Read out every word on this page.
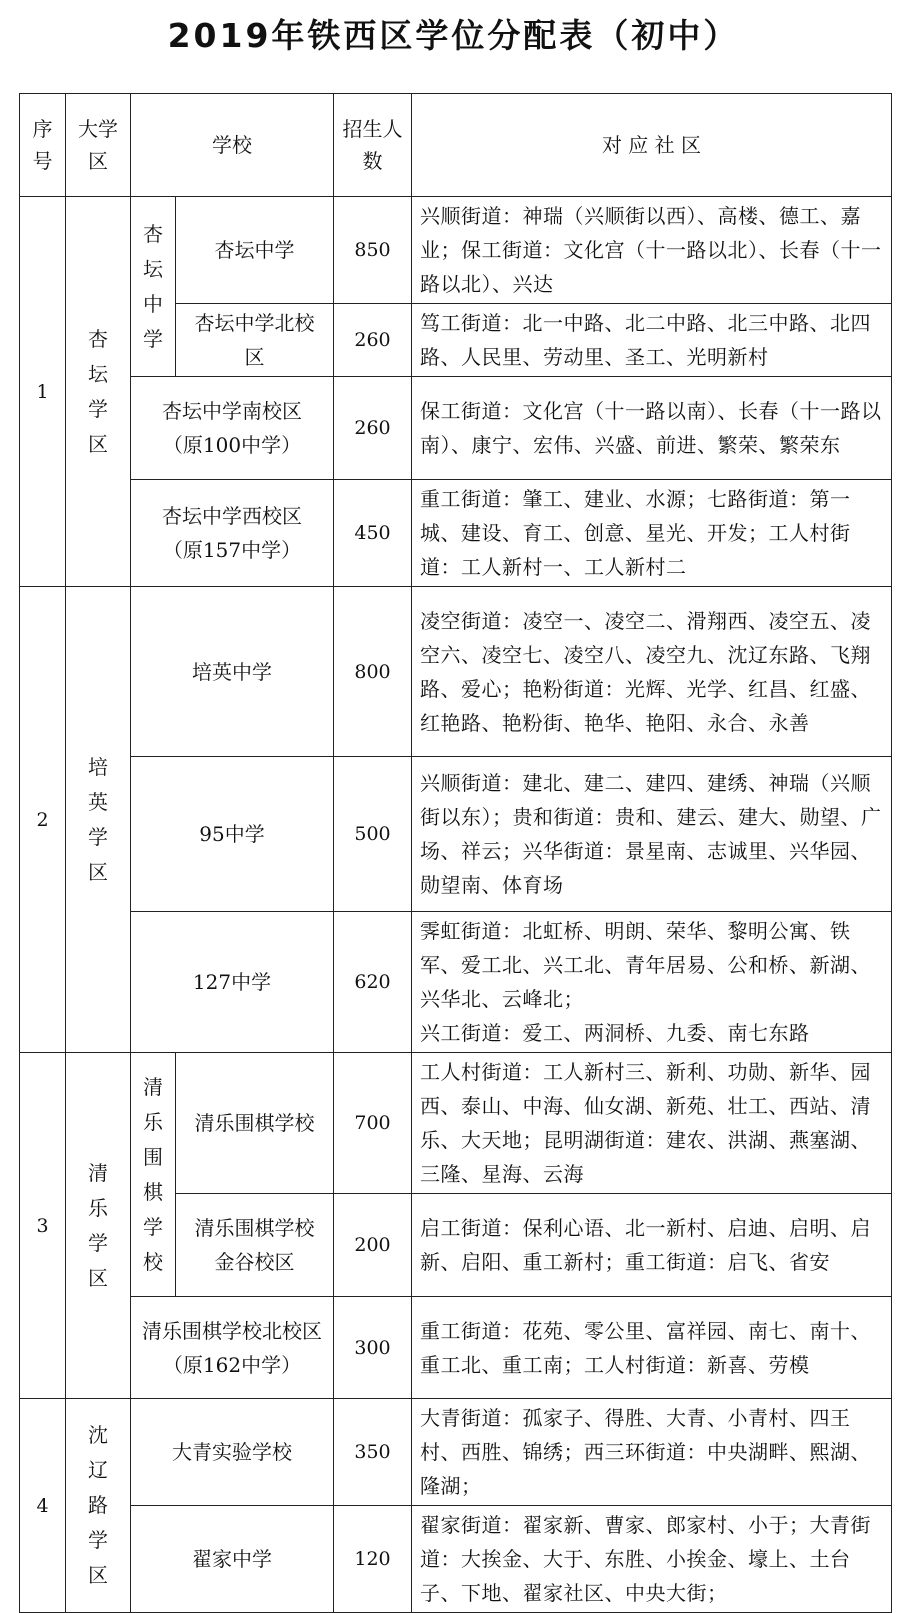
2019年铁西区学位分配表（初中）
序号	大学区	学校		招生人数	对 应 社 区
1	杏坛学区	杏坛中学	杏坛中学	850	兴顺街道：神瑞（兴顺街以西）、高楼、德工、嘉业；保工街道：文化宫（十一路以北）、长春（十一路以北）、兴达
			杏坛中学北校区	260	笃工街道：北一中路、北二中路、北三中路、北四路、人民里、劳动里、圣工、光明新村
		杏坛中学南校区（原100中学）		260	保工街道：文化宫（十一路以南）、长春（十一路以南）、康宁、宏伟、兴盛、前进、繁荣、繁荣东
		杏坛中学西校区（原157中学）		450	重工街道：肇工、建业、水源；七路街道：第一城、建设、育工、创意、星光、开发；工人村街道：工人新村一、工人新村二
2	培英学区	培英中学		800	凌空街道：凌空一、凌空二、滑翔西、凌空五、凌空六、凌空七、凌空八、凌空九、沈辽东路、飞翔路、爱心；艳粉街道：光辉、光学、红昌、红盛、红艳路、艳粉街、艳华、艳阳、永合、永善
		95中学		500	兴顺街道：建北、建二、建四、建绣、神瑞（兴顺街以东）；贵和街道：贵和、建云、建大、勋望、广场、祥云；兴华街道：景星南、志诚里、兴华园、勋望南、体育场
		127中学		620	霁虹街道：北虹桥、明朗、荣华、黎明公寓、铁军、爱工北、兴工北、青年居易、公和桥、新湖、兴华北、云峰北；
兴工街道：爱工、两洞桥、九委、南七东路

3	清乐学区	清乐围棋学校	清乐围棋学校	700	工人村街道：工人新村三、新利、功勋、新华、园西、泰山、中海、仙女湖、新苑、壮工、西站、清乐、大天地；昆明湖街道：建农、洪湖、燕塞湖、三隆、星海、云海
			清乐围棋学校金谷校区	200	启工街道：保利心语、北一新村、启迪、启明、启新、启阳、重工新村；重工街道：启飞、省安
		清乐围棋学校北校区（原162中学）		300	重工街道：花苑、零公里、富祥园、南七、南十、重工北、重工南；工人村街道：新喜、劳模
4	沈辽路学区	大青实验学校		350	大青街道：孤家子、得胜、大青、小青村、四王村、西胜、锦绣；西三环街道：中央湖畔、熙湖、隆湖；
		翟家中学		120	翟家街道：翟家新、曹家、郎家村、小于；大青街道：大挨金、大于、东胜、小挨金、壕上、土台子、下地、翟家社区、中央大街；
